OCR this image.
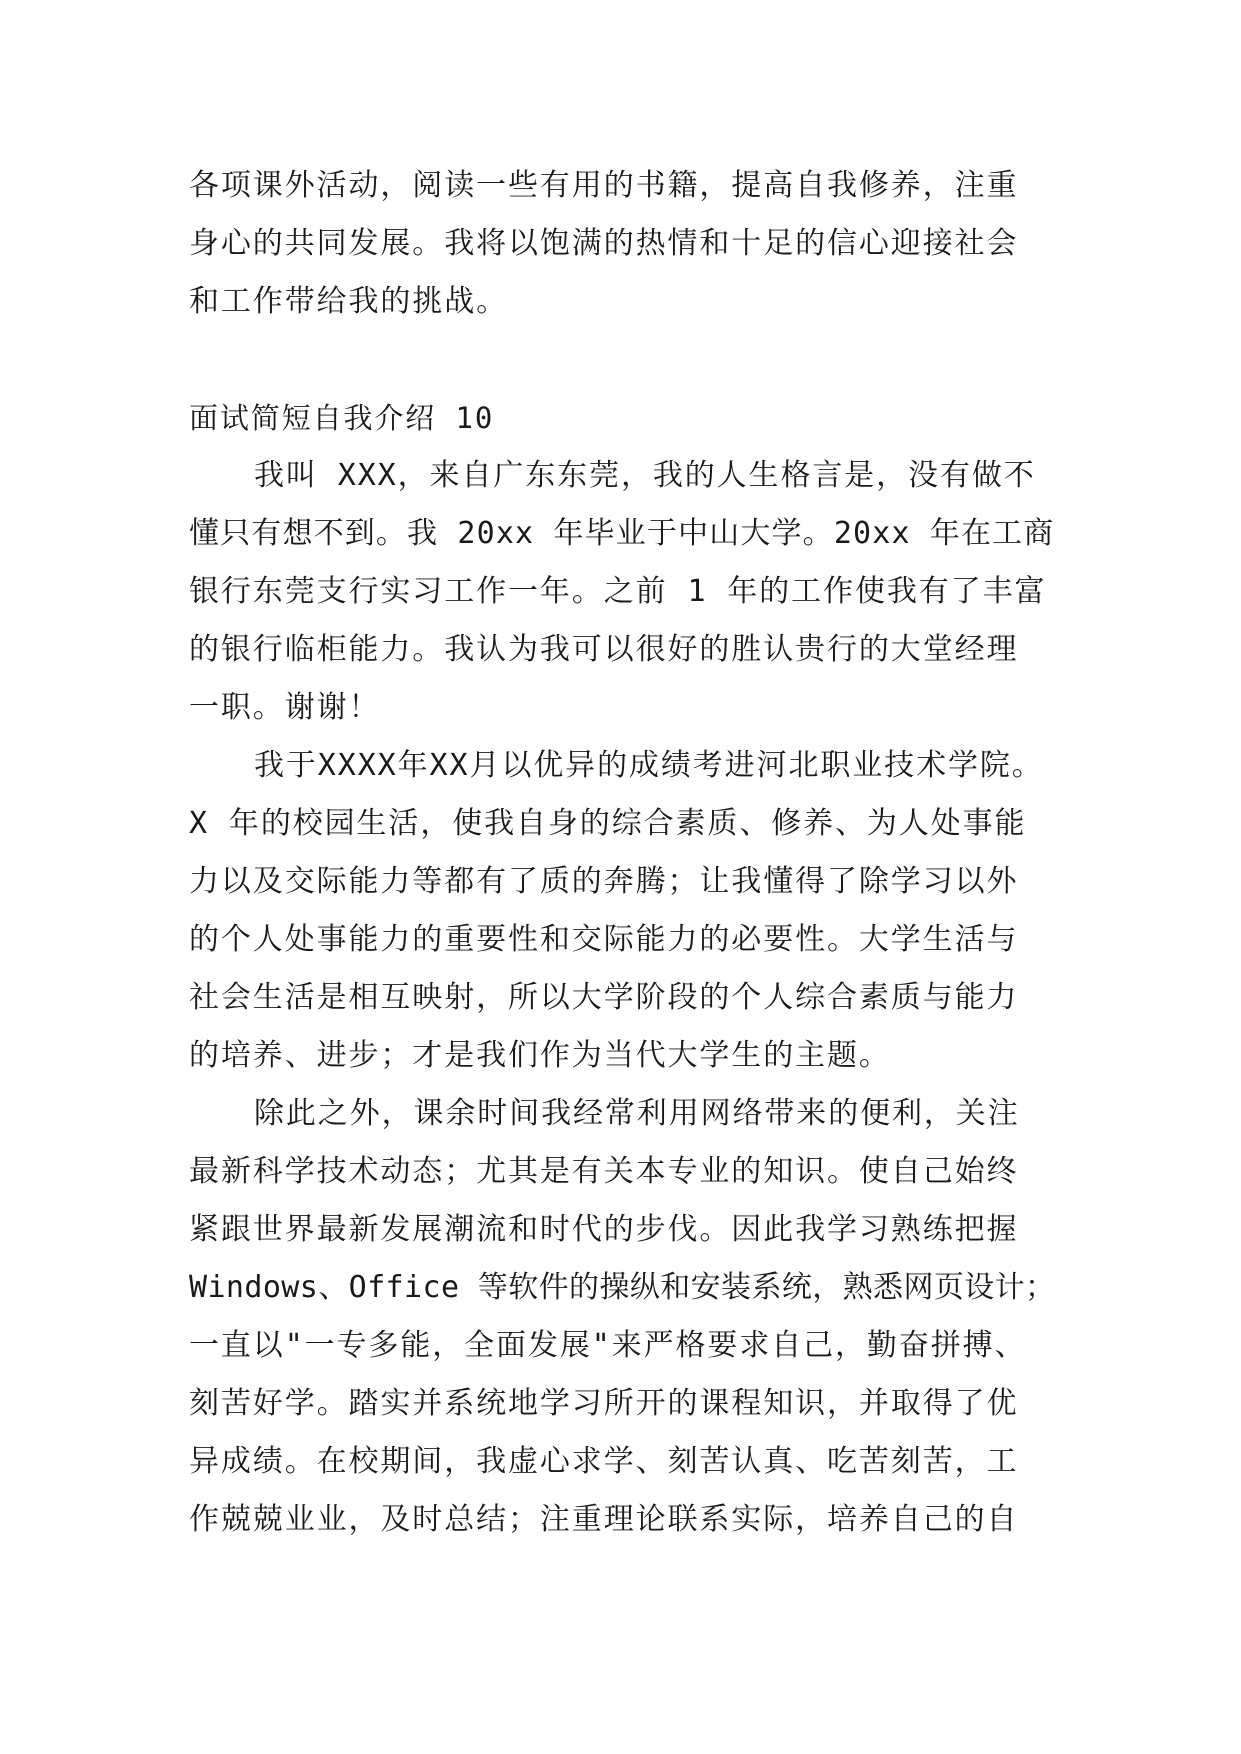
各项课外活动，阅读一些有用的书籍，提高自我修养，注重
身心的共同发展。我将以饱满的热情和十足的信心迎接社会
和工作带给我的挑战。
面试简短自我介绍 10
我叫 XXX，来自广东东莞，我的人生格言是，没有做不
懂只有想不到。我 20xx 年毕业于中山大学。20xx 年在工商
银行东莞支行实习工作一年。之前 1 年的工作使我有了丰富
的银行临柜能力。我认为我可以很好的胜认贵行的大堂经理
一职。谢谢！
我于XXXX年XX月以优异的成绩考进河北职业技术学院。
X 年的校园生活，使我自身的综合素质、修养、为人处事能
力以及交际能力等都有了质的奔腾；让我懂得了除学习以外
的个人处事能力的重要性和交际能力的必要性。大学生活与
社会生活是相互映射，所以大学阶段的个人综合素质与能力
的培养、进步；才是我们作为当代大学生的主题。
除此之外，课余时间我经常利用网络带来的便利，关注
最新科学技术动态；尤其是有关本专业的知识。使自己始终
紧跟世界最新发展潮流和时代的步伐。因此我学习熟练把握
Windows、Office 等软件的操纵和安装系统，熟悉网页设计；
一直以"一专多能，全面发展"来严格要求自己，勤奋拼搏、
刻苦好学。踏实并系统地学习所开的课程知识，并取得了优
异成绩。在校期间，我虚心求学、刻苦认真、吃苦刻苦，工
作兢兢业业，及时总结；注重理论联系实际，培养自己的自
